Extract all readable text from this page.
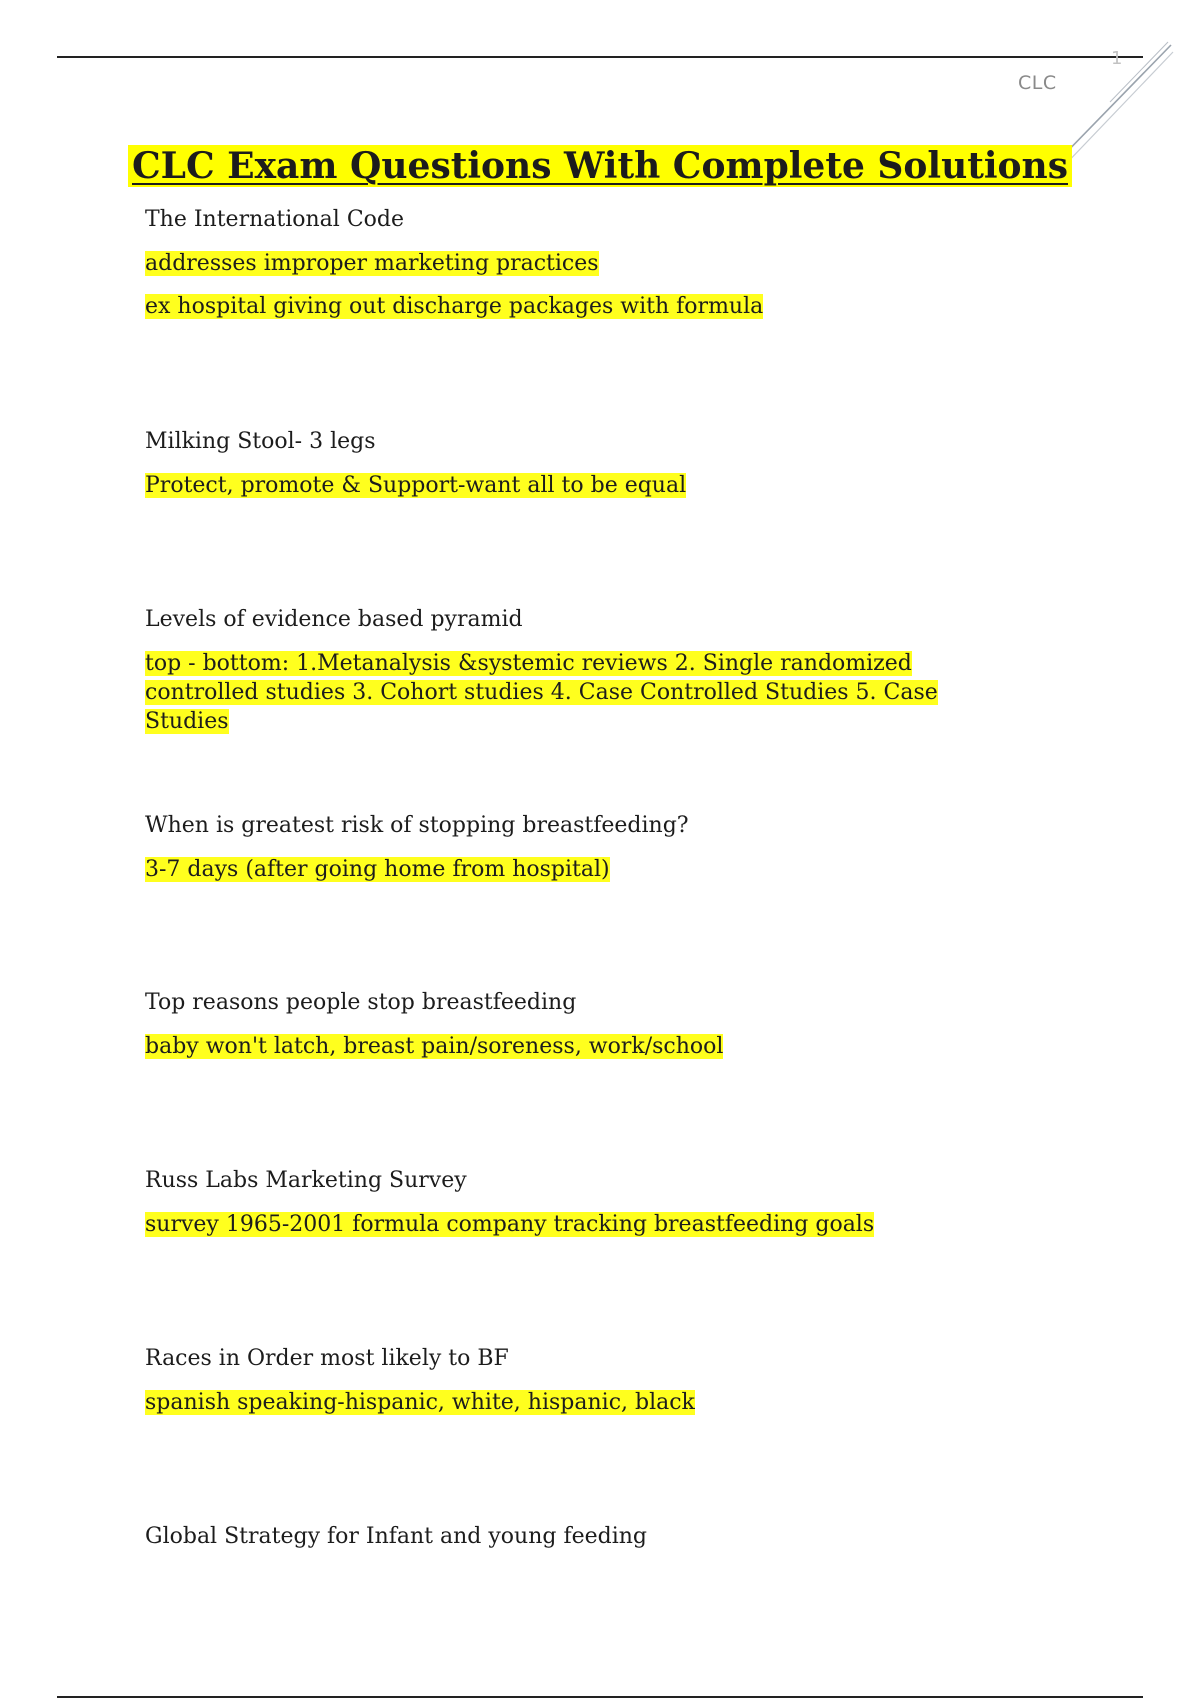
1
CLC
CLC Exam Questions With Complete Solutions

The International Code

addresses improper marketing practices

ex hospital giving out discharge packages with formula

Milking Stool- 3 legs

Protect, promote & Support-want all to be equal

Levels of evidence based pyramid

top - bottom: 1.Metanalysis &systemic reviews 2. Single randomized controlled studies 3. Cohort studies 4. Case Controlled Studies 5. Case Studies

When is greatest risk of stopping breastfeeding?

3-7 days (after going home from hospital)

Top reasons people stop breastfeeding

baby won't latch, breast pain/soreness, work/school

Russ Labs Marketing Survey

survey 1965-2001 formula company tracking breastfeeding goals

Races in Order most likely to BF

spanish speaking-hispanic, white, hispanic, black

Global Strategy for Infant and young feeding
